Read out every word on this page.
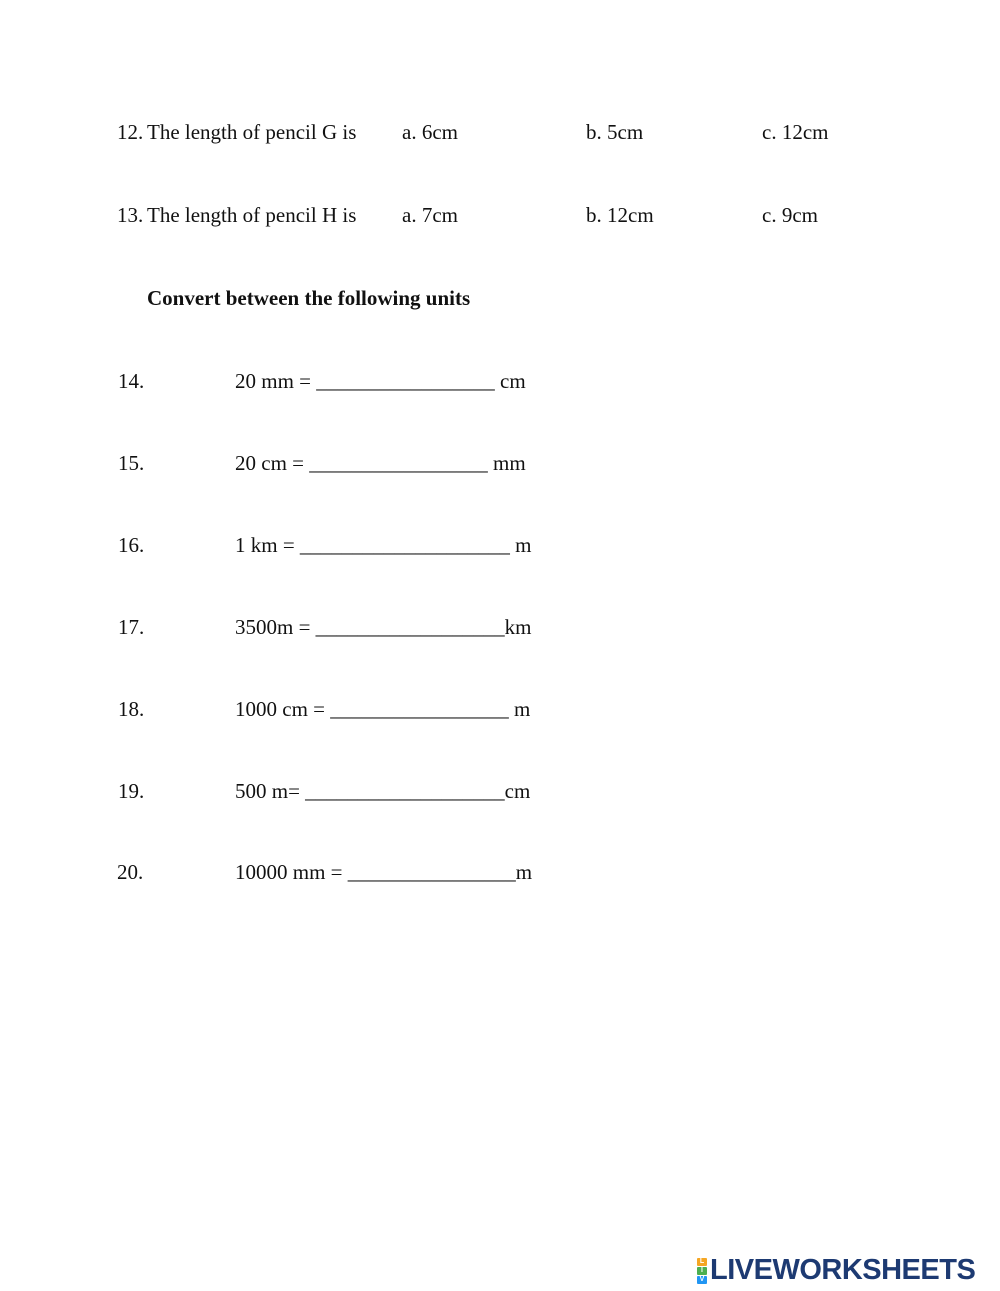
12. The length of pencil G is a. 6cm	b. 5cm	c. 12cm
13. The length of pencil H is a. 7cm	b. 12cm	c. 9cm
Convert between the following units
14.	20 mm = _________________ cm
15.	20 cm = _________________ mm
16.	1 km = ____________________ m
17.	3500m = __________________km
18.	1000 cm = _________________ m
19.	500 m= ___________________cm
20.	10000 mm = ________________m
L
I
V LIVEWORKSHEETS
